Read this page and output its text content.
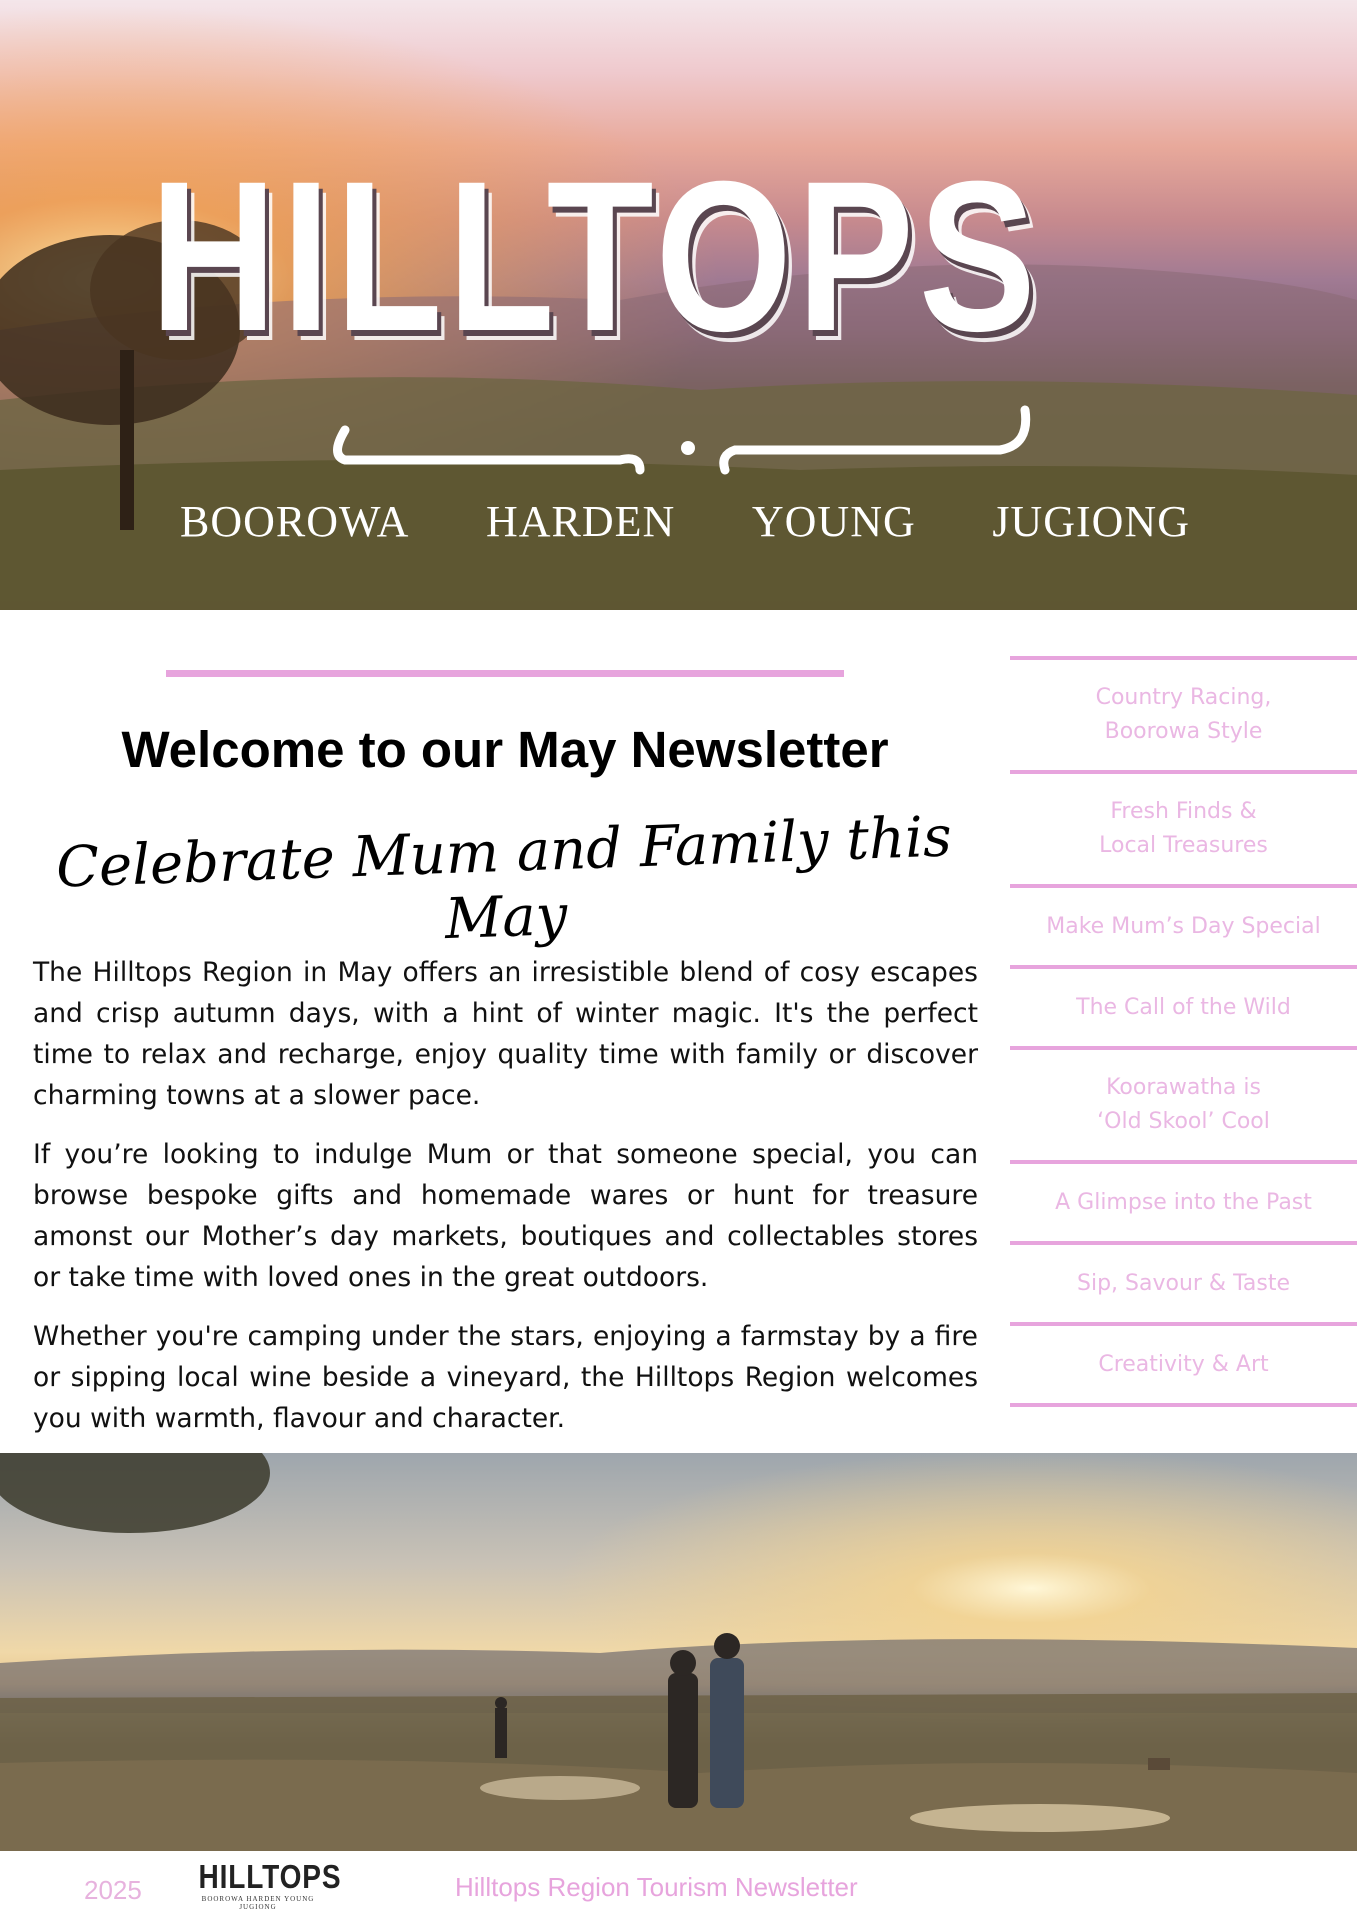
HILLTOPS
BOOROWA HARDEN YOUNG JUGIONG
Welcome to our May Newsletter
Celebrate Mum and Family this May

The Hilltops Region in May offers an irresistible blend of cosy escapes and crisp autumn days, with a hint of winter magic. It's the perfect time to relax and recharge, enjoy quality time with family or discover charming towns at a slower pace.

If you’re looking to indulge Mum or that someone special, you can browse bespoke gifts and homemade wares or hunt for treasure amonst our Mother’s day markets, boutiques and collectables stores or take time with loved ones in the great outdoors.

Whether you're camping under the stars, enjoying a farmstay by a fire or sipping local wine beside a vineyard, the Hilltops Region welcomes you with warmth, flavour and character.

Country Racing,
Boorowa Style
Fresh Finds &
Local Treasures
Make Mum’s Day Special
The Call of the Wild
Koorawatha is
‘Old Skool’ Cool
A Glimpse into the Past
Sip, Savour & Taste
Creativity & Art
2025 HILLTOPS
BOOROWA HARDEN YOUNG JUGIONG
Hilltops Region Tourism Newsletter
